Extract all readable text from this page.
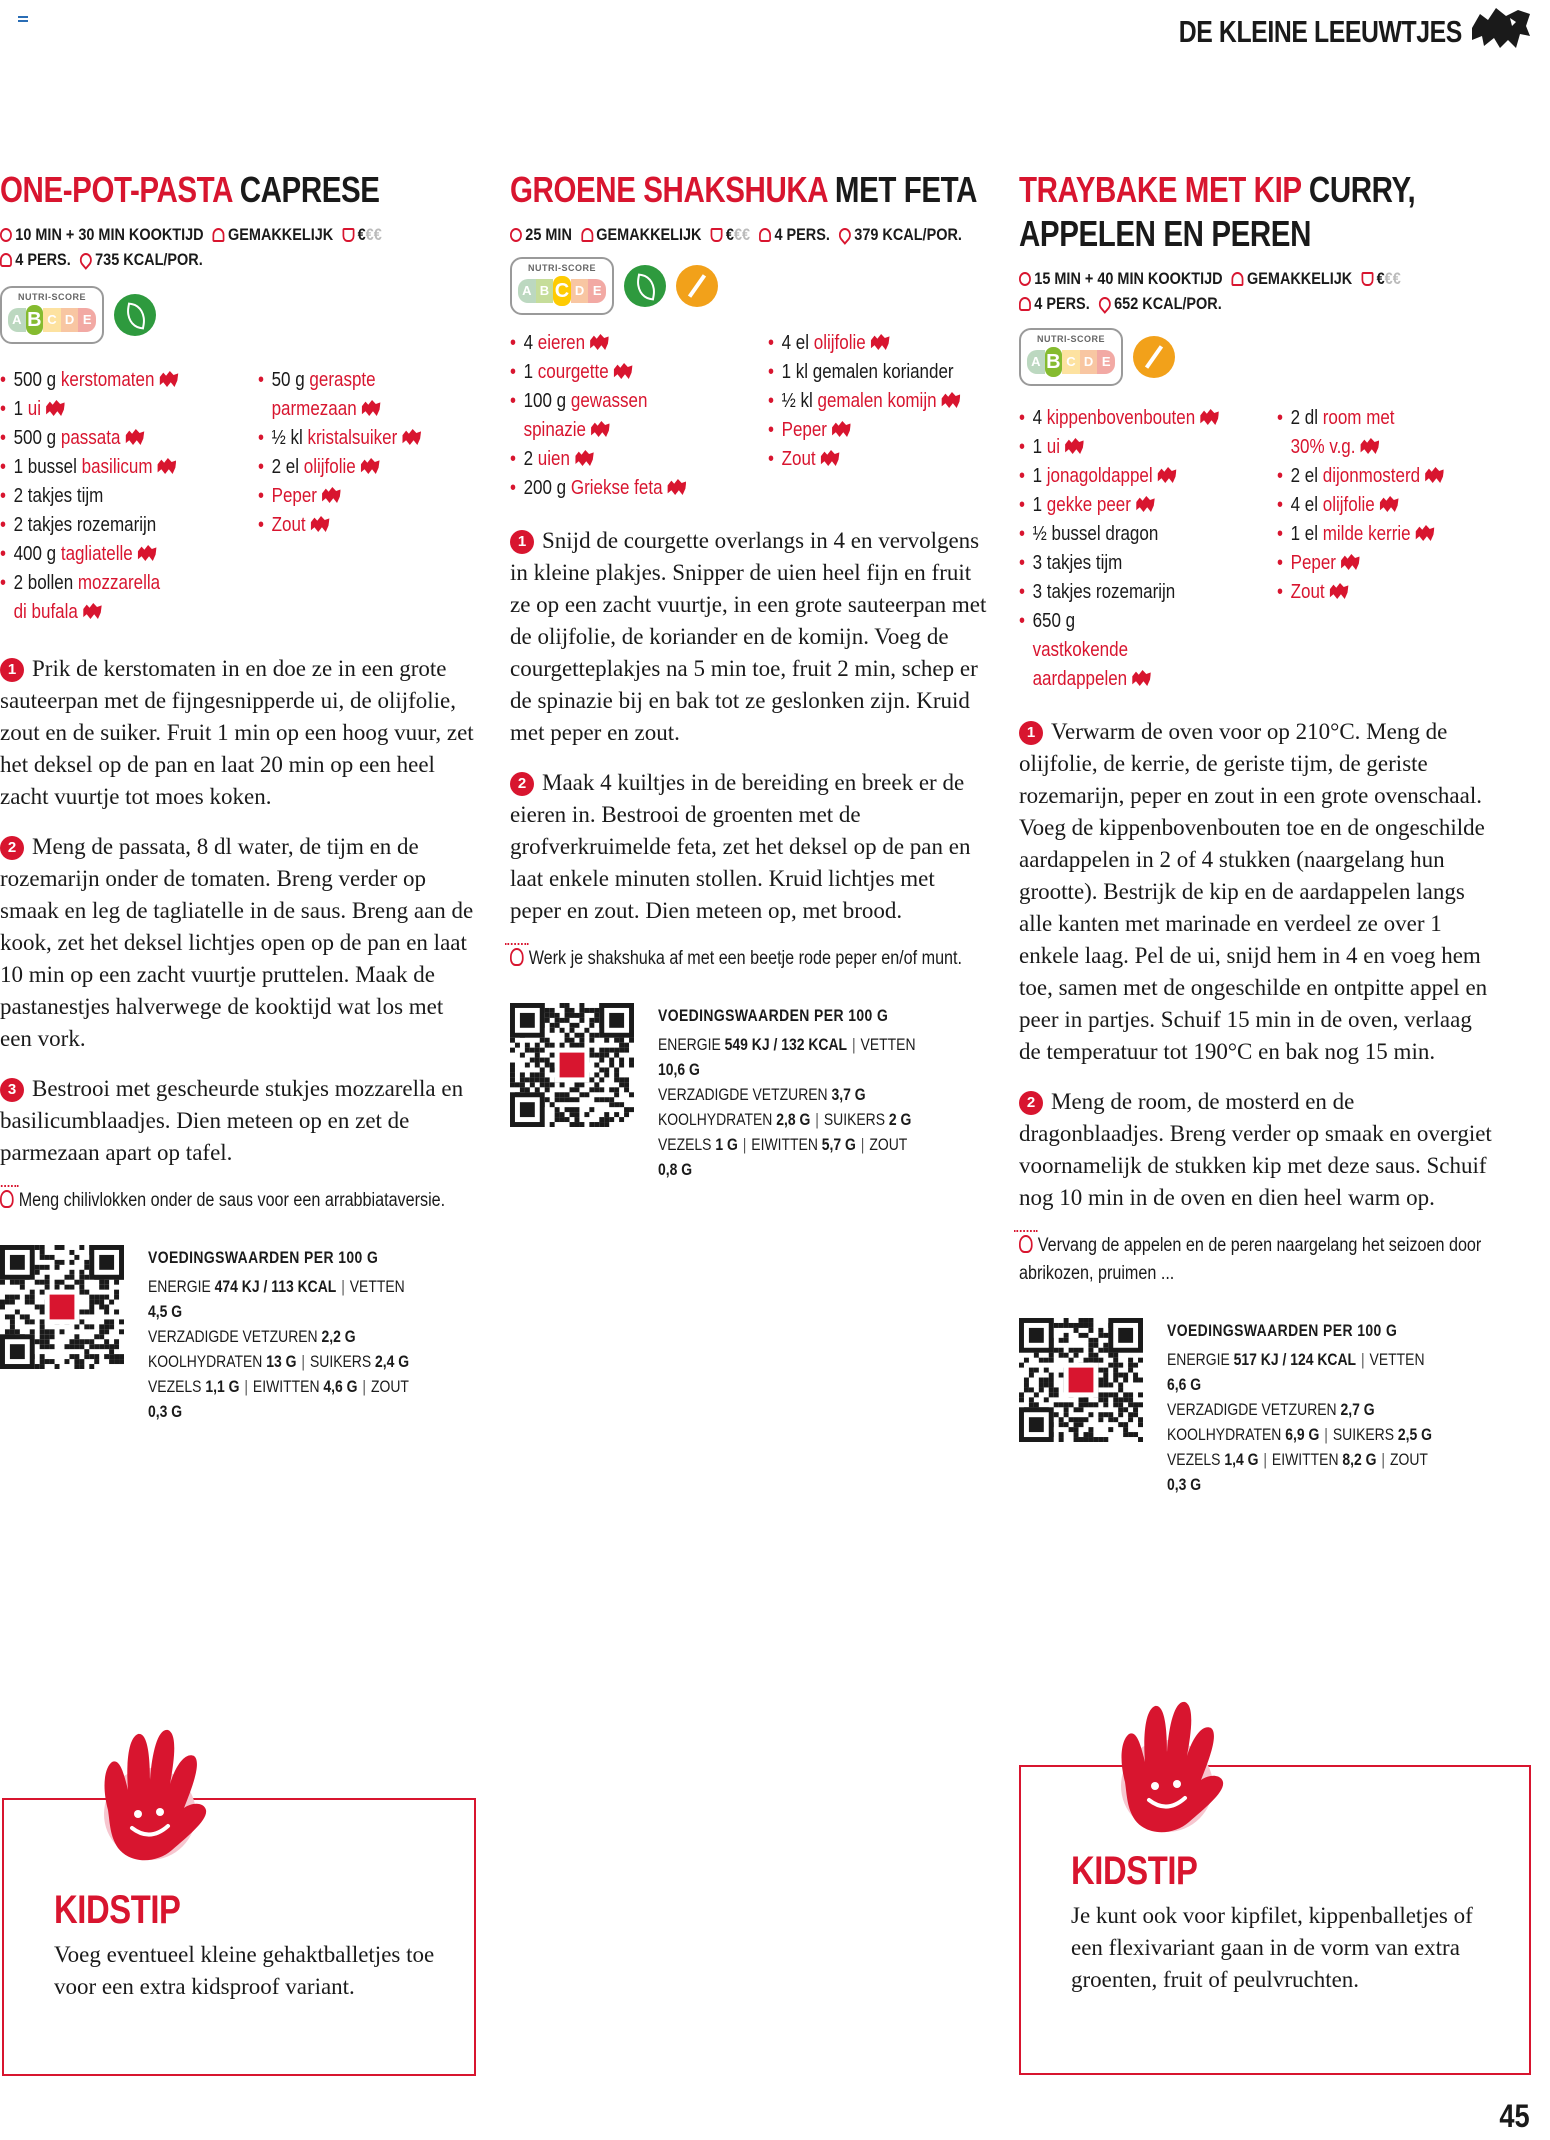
DE KLEINE LEEUWTJES
ONE-POT-PASTA CAPRESE
10 MIN + 30 MIN KOOKTIJD GEMAKKELIJK €€€
4 PERS. 735 KCAL/POR.
NUTRI-SCORE
A B C D E
• 500 g kerstomaten
• 1 ui
• 500 g passata
• 1 bussel basilicum
• 2 takjes tijm
• 2 takjes rozemarijn
• 400 g tagliatelle
• 2 bollen mozzarella di bufala
• 50 g geraspte parmezaan
• ½ kl kristalsuiker
• 2 el olijfolie
• Peper
• Zout

1 Prik de kerstomaten in en doe ze in een grote sauteerpan met de fijngesnipperde ui, de olijfolie, zout en de suiker. Fruit 1 min op een hoog vuur, zet het deksel op de pan en laat 20 min op een heel zacht vuurtje tot moes koken.

2 Meng de passata, 8 dl water, de tijm en de rozemarijn onder de tomaten. Breng verder op smaak en leg de tagliatelle in de saus. Breng aan de kook, zet het deksel lichtjes open op de pan en laat 10 min op een zacht vuurtje pruttelen. Maak de pastanestjes halverwege de kooktijd wat los met een vork.

3 Bestrooi met gescheurde stukjes mozzarella en basilicumblaadjes. Dien meteen op en zet de parmezaan apart op tafel.

Meng chilivlokken onder de saus voor een arrabbiataversie.
VOEDINGSWAARDEN PER 100 G
ENERGIE 474 KJ / 113 KCAL | VETTEN 4,5 G
VERZADIGDE VETZUREN 2,2 G
KOOLHYDRATEN 13 G | SUIKERS 2,4 G
VEZELS 1,1 G | EIWITTEN 4,6 G | ZOUT 0,3 G
GROENE SHAKSHUKA MET FETA
25 MIN GEMAKKELIJK €€€ 4 PERS. 379 KCAL/POR.
NUTRI-SCORE
A B C D E
• 4 eieren
• 1 courgette
• 100 g gewassen spinazie
• 2 uien
• 200 g Griekse feta
• 4 el olijfolie
• 1 kl gemalen koriander
• ½ kl gemalen komijn
• Peper
• Zout

1 Snijd de courgette overlangs in 4 en vervolgens in kleine plakjes. Snipper de uien heel fijn en fruit ze op een zacht vuurtje, in een grote sauteerpan met de olijfolie, de koriander en de komijn. Voeg de courgetteplakjes na 5 min toe, fruit 2 min, schep er de spinazie bij en bak tot ze geslonken zijn. Kruid met peper en zout.

2 Maak 4 kuiltjes in de bereiding en breek er de eieren in. Bestrooi de groenten met de grofverkruimelde feta, zet het deksel op de pan en laat enkele minuten stollen. Kruid lichtjes met peper en zout. Dien meteen op, met brood.

Werk je shakshuka af met een beetje rode peper en/of munt.
VOEDINGSWAARDEN PER 100 G
ENERGIE 549 KJ / 132 KCAL | VETTEN 10,6 G
VERZADIGDE VETZUREN 3,7 G
KOOLHYDRATEN 2,8 G | SUIKERS 2 G
VEZELS 1 G | EIWITTEN 5,7 G | ZOUT 0,8 G
TRAYBAKE MET KIP CURRY, APPELEN EN PEREN
15 MIN + 40 MIN KOOKTIJD GEMAKKELIJK €€€
4 PERS. 652 KCAL/POR.
NUTRI-SCORE
A B C D E
• 4 kippenbovenbouten
• 1 ui
• 1 jonagoldappel
• 1 gekke peer
• ½ bussel dragon
• 3 takjes tijm
• 3 takjes rozemarijn
• 650 g vastkokende aardappelen
• 2 dl room met 30% v.g.
• 2 el dijonmosterd
• 4 el olijfolie
• 1 el milde kerrie
• Peper
• Zout

1 Verwarm de oven voor op 210°C. Meng de olijfolie, de kerrie, de geriste tijm, de geriste rozemarijn, peper en zout in een grote ovenschaal. Voeg de kippenbovenbouten toe en de ongeschilde aardappelen in 2 of 4 stukken (naargelang hun grootte). Bestrijk de kip en de aardappelen langs alle kanten met marinade en verdeel ze over 1 enkele laag. Pel de ui, snijd hem in 4 en voeg hem toe, samen met de ongeschilde en ontpitte appel en peer in partjes. Schuif 15 min in de oven, verlaag de temperatuur tot 190°C en bak nog 15 min.

2 Meng de room, de mosterd en de dragonblaadjes. Breng verder op smaak en overgiet voornamelijk de stukken kip met deze saus. Schuif nog 10 min in de oven en dien heel warm op.

Vervang de appelen en de peren naargelang het seizoen door abrikozen, pruimen ...
VOEDINGSWAARDEN PER 100 G
ENERGIE 517 KJ / 124 KCAL | VETTEN 6,6 G
VERZADIGDE VETZUREN 2,7 G
KOOLHYDRATEN 6,9 G | SUIKERS 2,5 G
VEZELS 1,4 G | EIWITTEN 8,2 G | ZOUT 0,3 G
KIDSTIP
Voeg eventueel kleine gehaktballetjes toe voor een extra kidsproof variant.
KIDSTIP
Je kunt ook voor kipfilet, kippenballetjes of een flexivariant gaan in de vorm van extra groenten, fruit of peulvruchten.
45
